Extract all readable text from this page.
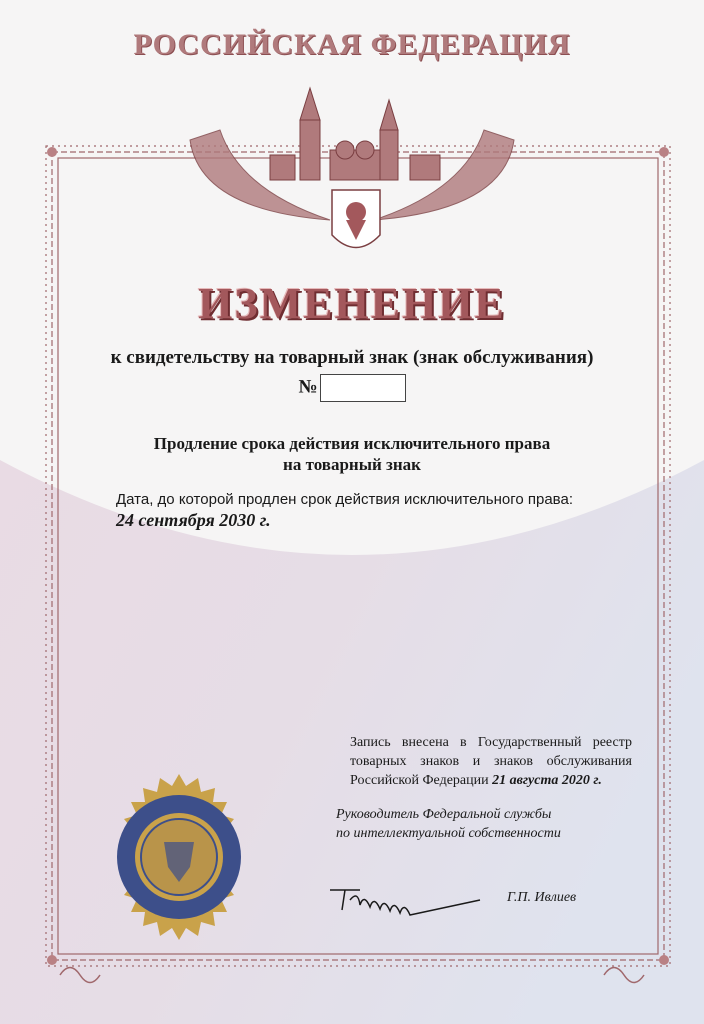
РОССИЙСКАЯ ФЕДЕРАЦИЯ
ИЗМЕНЕНИЕ
к свидетельству на товарный знак (знак обслуживания)
№
Продление срока действия исключительного права
на товарный знак
Дата, до которой продлен срок действия исключительного права:
24 сентября 2030 г.
Запись внесена в Государственный реестр товарных знаков и знаков обслуживания Российской Федерации 21 августа 2020 г.
Руководитель Федеральной службы
по интеллектуальной собственности
Г.П. Ивлиев
